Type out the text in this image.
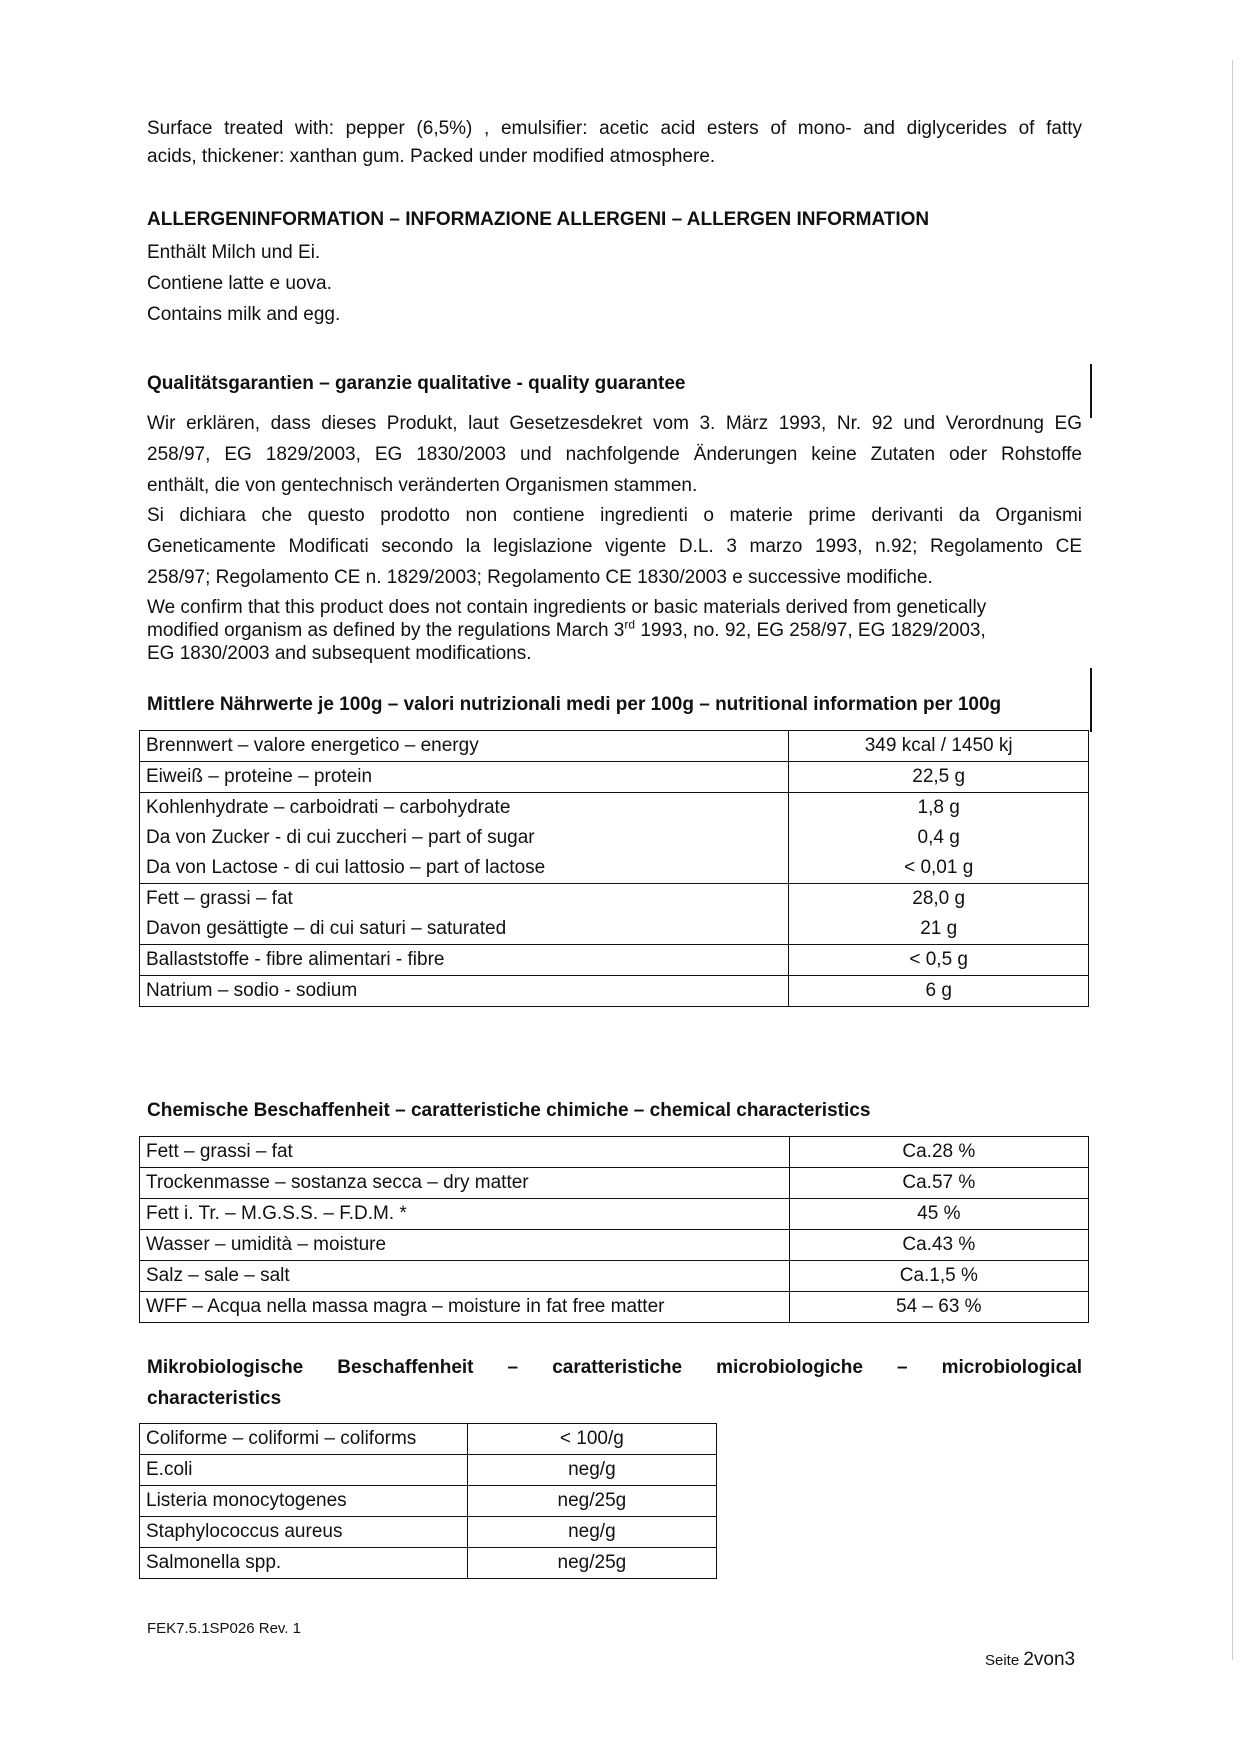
Surface treated with: pepper (6,5%) , emulsifier: acetic acid esters of mono- and diglycerides of fatty
acids, thickener: xanthan gum. Packed under modified atmosphere.
ALLERGENINFORMATION – INFORMAZIONE ALLERGENI – ALLERGEN INFORMATION
Enthält Milch und Ei.
Contiene latte e uova.
Contains milk and egg.
Qualitätsgarantien – garanzie qualitative - quality guarantee
Wir erklären, dass dieses Produkt, laut Gesetzesdekret vom 3. März 1993, Nr. 92 und Verordnung EG
258/97, EG 1829/2003, EG 1830/2003 und nachfolgende Änderungen keine Zutaten oder Rohstoffe
enthält, die von gentechnisch veränderten Organismen stammen.
Si dichiara che questo prodotto non contiene ingredienti o materie prime derivanti da Organismi
Geneticamente Modificati secondo la legislazione vigente D.L. 3 marzo 1993, n.92; Regolamento CE
258/97; Regolamento CE n. 1829/2003; Regolamento CE 1830/2003 e successive modifiche.
We confirm that this product does not contain ingredients or basic materials derived from genetically
modified organism as defined by the regulations March 3rd 1993, no. 92, EG 258/97, EG 1829/2003,
EG 1830/2003 and subsequent modifications.
Mittlere Nährwerte je 100g – valori nutrizionali medi per 100g – nutritional information per 100g
Brennwert – valore energetico – energy	349 kcal / 1450 kj
Eiweiß – proteine – protein	22,5 g
Kohlenhydrate – carboidrati – carbohydrate	1,8 g
Da von Zucker - di cui zuccheri – part of sugar	0,4 g
Da von Lactose - di cui lattosio – part of lactose	< 0,01 g
Fett – grassi – fat	28,0 g
Davon gesättigte – di cui saturi – saturated	21 g
Ballaststoffe - fibre alimentari - fibre	< 0,5 g
Natrium – sodio - sodium	6 g
Chemische Beschaffenheit – caratteristiche chimiche – chemical characteristics
Fett – grassi – fat	Ca.28 %
Trockenmasse – sostanza secca – dry matter	Ca.57 %
Fett i. Tr. – M.G.S.S. – F.D.M. *	45 %
Wasser – umidità – moisture	Ca.43 %
Salz – sale – salt	Ca.1,5 %
WFF – Acqua nella massa magra – moisture in fat free matter	54 – 63 %
Mikrobiologische Beschaffenheit – caratteristiche microbiologiche – microbiological
characteristics
Coliforme – coliformi – coliforms	< 100/g
E.coli	neg/g
Listeria monocytogenes	neg/25g
Staphylococcus aureus	neg/g
Salmonella spp.	neg/25g
FEK7.5.1SP026 Rev. 1
Seite 2von3
